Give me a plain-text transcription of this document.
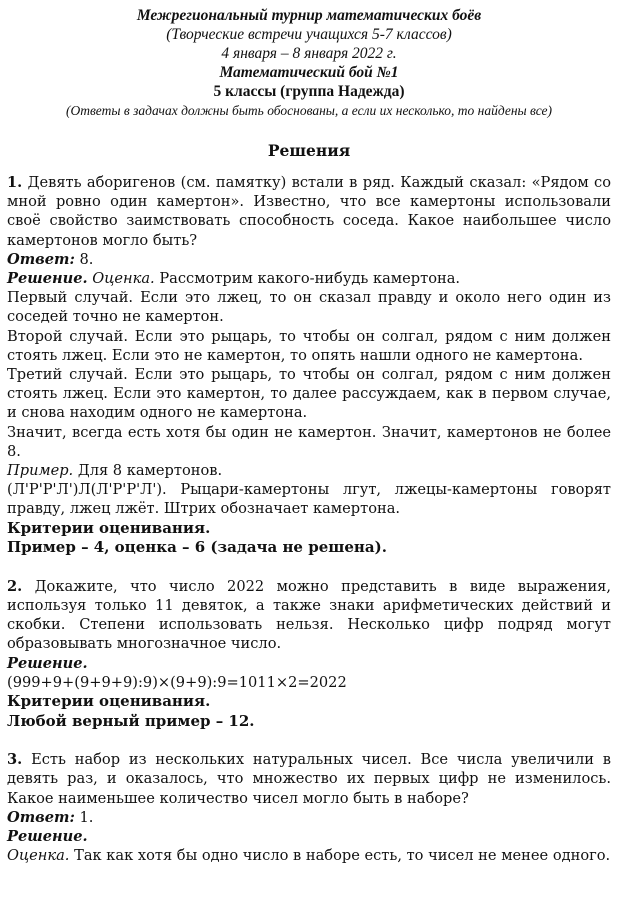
Межрегиональный турнир математических боёв
(Творческие встречи учащихся 5-7 классов)
4 января – 8 января 2022 г.
Математический бой №1
5 классы (группа Надежда)
(Ответы в задачах должны быть обоснованы, а если их несколько, то найдены все)
Решения

1. Девять аборигенов (см. памятку) встали в ряд. Каждый сказал: «Рядом со мной ровно один камертон». Известно, что все камертоны использовали своё свойство заимствовать способность соседа. Какое наибольшее число камертонов могло быть?

Ответ: 8.

Решение. Оценка. Рассмотрим какого-нибудь камертона.

Первый случай. Если это лжец, то он сказал правду и около него один из соседей точно не камертон.

Второй случай. Если это рыцарь, то чтобы он солгал, рядом с ним должен стоять лжец. Если это не камертон, то опять нашли одного не камертона.

Третий случай. Если это рыцарь, то чтобы он солгал, рядом с ним должен стоять лжец. Если это камертон, то далее рассуждаем, как в первом случае, и снова находим одного не камертона.

Значит, всегда есть хотя бы один не камертон. Значит, камертонов не более 8.

Пример. Для 8 камертонов.

(Л'Р'Р'Л')Л(Л'Р'Р'Л'). Рыцари-камертоны лгут, лжецы-камертоны говорят правду, лжец лжёт. Штрих обозначает камертона.

Критерии оценивания.
Пример – 4, оценка – 6 (задача не решена).

2. Докажите, что число 2022 можно представить в виде выражения, используя только 11 девяток, а также знаки арифметических действий и скобки. Степени использовать нельзя. Несколько цифр подряд могут образовывать многозначное число.

Решение.

(999+9+(9+9+9):9)×(9+9):9=1011×2=2022

Критерии оценивания.
Любой верный пример – 12.

3. Есть набор из нескольких натуральных чисел. Все числа увеличили в девять раз, и оказалось, что множество их первых цифр не изменилось. Какое наименьшее количество чисел могло быть в наборе?

Ответ: 1.

Решение.

Оценка. Так как хотя бы одно число в наборе есть, то чисел не менее одного.
